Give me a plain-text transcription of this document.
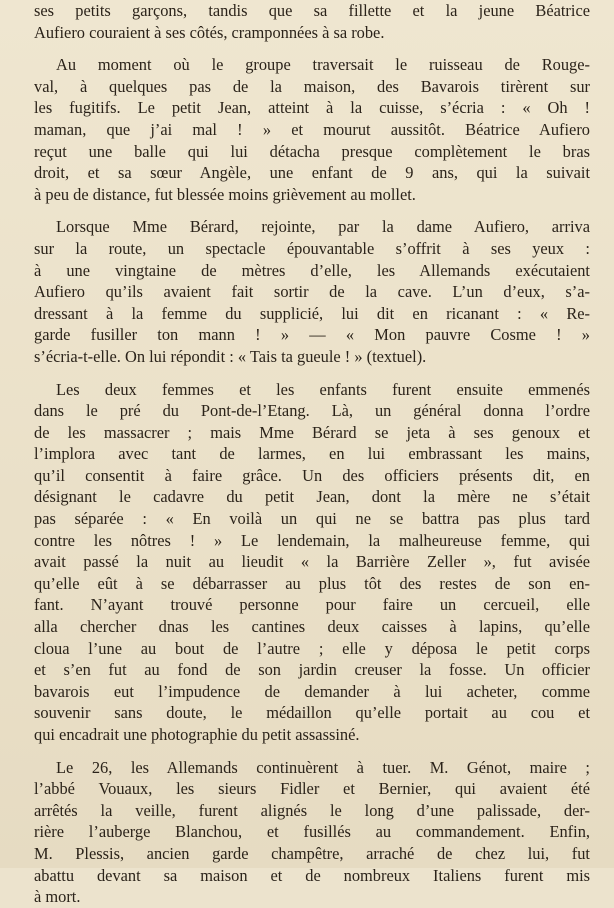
ses petits garçons, tandis que sa fillette et la jeune Béatrice
Aufiero couraient à ses côtés, cramponnées à sa robe.

Au moment où le groupe traversait le ruisseau de Rouge-
val, à quelques pas de la maison, des Bavarois tirèrent sur
les fugitifs. Le petit Jean, atteint à la cuisse, s’écria : « Oh !
maman, que j’ai mal ! » et mourut aussitôt. Béatrice Aufiero
reçut une balle qui lui détacha presque complètement le bras
droit, et sa sœur Angèle, une enfant de 9 ans, qui la suivait
à peu de distance, fut blessée moins grièvement au mollet.

Lorsque Mme Bérard, rejointe, par la dame Aufiero, arriva
sur la route, un spectacle épouvantable s’offrit à ses yeux :
à une vingtaine de mètres d’elle, les Allemands exécutaient
Aufiero qu’ils avaient fait sortir de la cave. L’un d’eux, s’a-
dressant à la femme du supplicié, lui dit en ricanant : « Re-
garde fusiller ton mann ! » — « Mon pauvre Cosme ! »
s’écria-t-elle. On lui répondit : « Tais ta gueule ! » (textuel).

Les deux femmes et les enfants furent ensuite emmenés
dans le pré du Pont-de-l’Etang. Là, un général donna l’ordre
de les massacrer ; mais Mme Bérard se jeta à ses genoux et
l’implora avec tant de larmes, en lui embrassant les mains,
qu’il consentit à faire grâce. Un des officiers présents dit, en
désignant le cadavre du petit Jean, dont la mère ne s’était
pas séparée : « En voilà un qui ne se battra pas plus tard
contre les nôtres ! » Le lendemain, la malheureuse femme, qui
avait passé la nuit au lieudit « la Barrière Zeller », fut avisée
qu’elle eût à se débarrasser au plus tôt des restes de son en-
fant. N’ayant trouvé personne pour faire un cercueil, elle
alla chercher dnas les cantines deux caisses à lapins, qu’elle
cloua l’une au bout de l’autre ; elle y déposa le petit corps
et s’en fut au fond de son jardin creuser la fosse. Un officier
bavarois eut l’impudence de demander à lui acheter, comme
souvenir sans doute, le médaillon qu’elle portait au cou et
qui encadrait une photographie du petit assassiné.

Le 26, les Allemands continuèrent à tuer. M. Génot, maire ;
l’abbé Vouaux, les sieurs Fidler et Bernier, qui avaient été
arrêtés la veille, furent alignés le long d’une palissade, der-
rière l’auberge Blanchou, et fusillés au commandement. Enfin,
M. Plessis, ancien garde champêtre, arraché de chez lui, fut
abattu devant sa maison et de nombreux Italiens furent mis
à mort.
